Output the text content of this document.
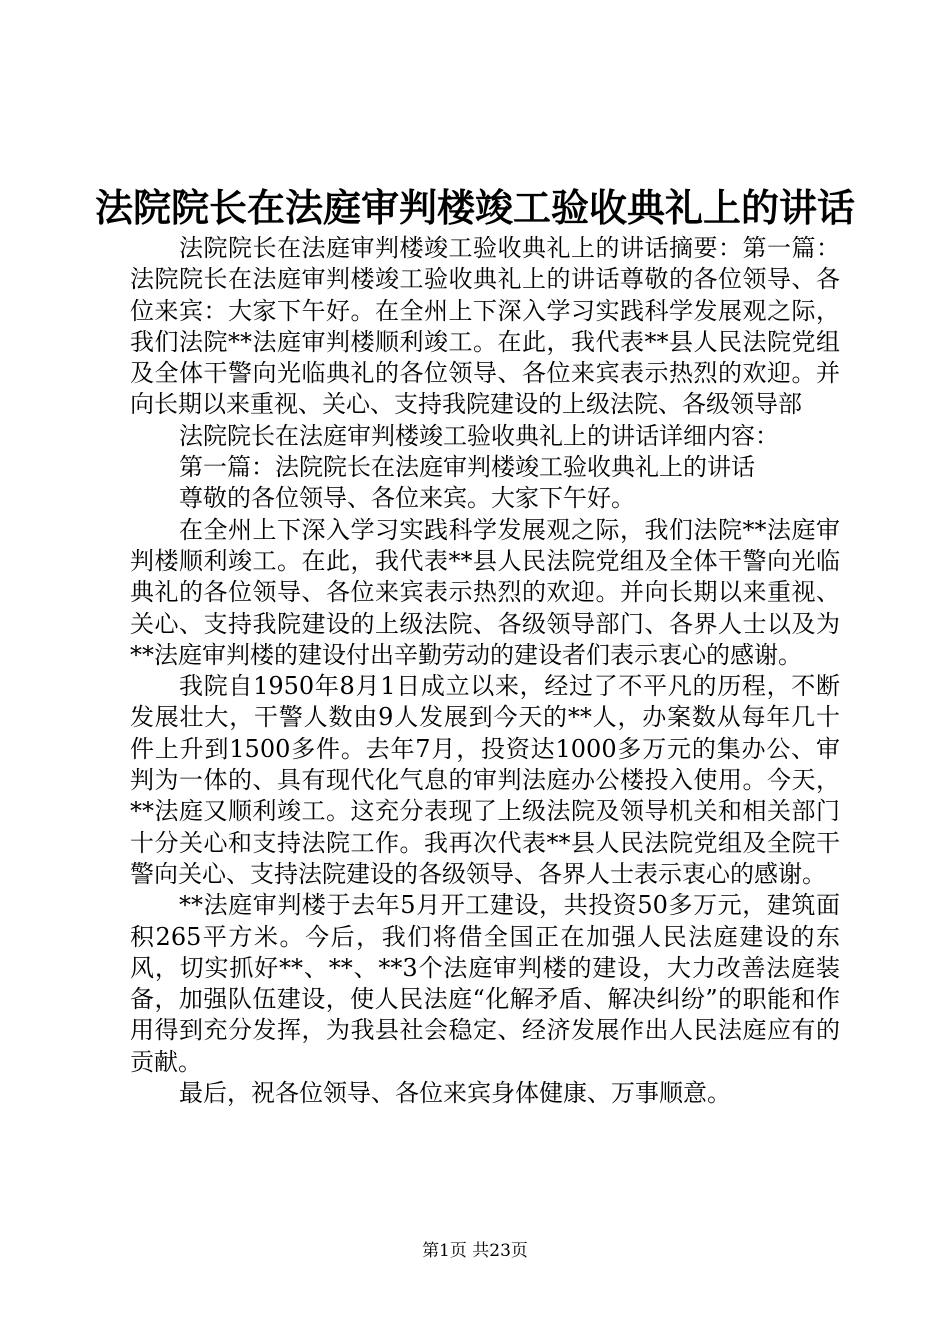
法院院长在法庭审判楼竣工验收典礼上的讲话

法院院长在法庭审判楼竣工验收典礼上的讲话摘要：第一篇：法院院长在法庭审判楼竣工验收典礼上的讲话尊敬的各位领导、各位来宾：大家下午好。在全州上下深入学习实践科学发展观之际，我们法院**法庭审判楼顺利竣工。在此，我代表**县人民法院党组及全体干警向光临典礼的各位领导、各位来宾表示热烈的欢迎。并向长期以来重视、关心、支持我院建设的上级法院、各级领导部

法院院长在法庭审判楼竣工验收典礼上的讲话详细内容：

第一篇：法院院长在法庭审判楼竣工验收典礼上的讲话

尊敬的各位领导、各位来宾。大家下午好。

在全州上下深入学习实践科学发展观之际，我们法院**法庭审判楼顺利竣工。在此，我代表**县人民法院党组及全体干警向光临典礼的各位领导、各位来宾表示热烈的欢迎。并向长期以来重视、关心、支持我院建设的上级法院、各级领导部门、各界人士以及为**法庭审判楼的建设付出辛勤劳动的建设者们表示衷心的感谢。

我院自1950年8月1日成立以来，经过了不平凡的历程，不断发展壮大，干警人数由9人发展到今天的**人，办案数从每年几十件上升到1500多件。去年7月，投资达1000多万元的集办公、审判为一体的、具有现代化气息的审判法庭办公楼投入使用。今天，**法庭又顺利竣工。这充分表现了上级法院及领导机关和相关部门十分关心和支持法院工作。我再次代表**县人民法院党组及全院干警向关心、支持法院建设的各级领导、各界人士表示衷心的感谢。

**法庭审判楼于去年5月开工建设，共投资50多万元，建筑面积265平方米。今后，我们将借全国正在加强人民法庭建设的东风，切实抓好**、**、**3个法庭审判楼的建设，大力改善法庭装备，加强队伍建设，使人民法庭“化解矛盾、解决纠纷”的职能和作用得到充分发挥，为我县社会稳定、经济发展作出人民法庭应有的贡献。

最后，祝各位领导、各位来宾身体健康、万事顺意。

第1页 共23页
